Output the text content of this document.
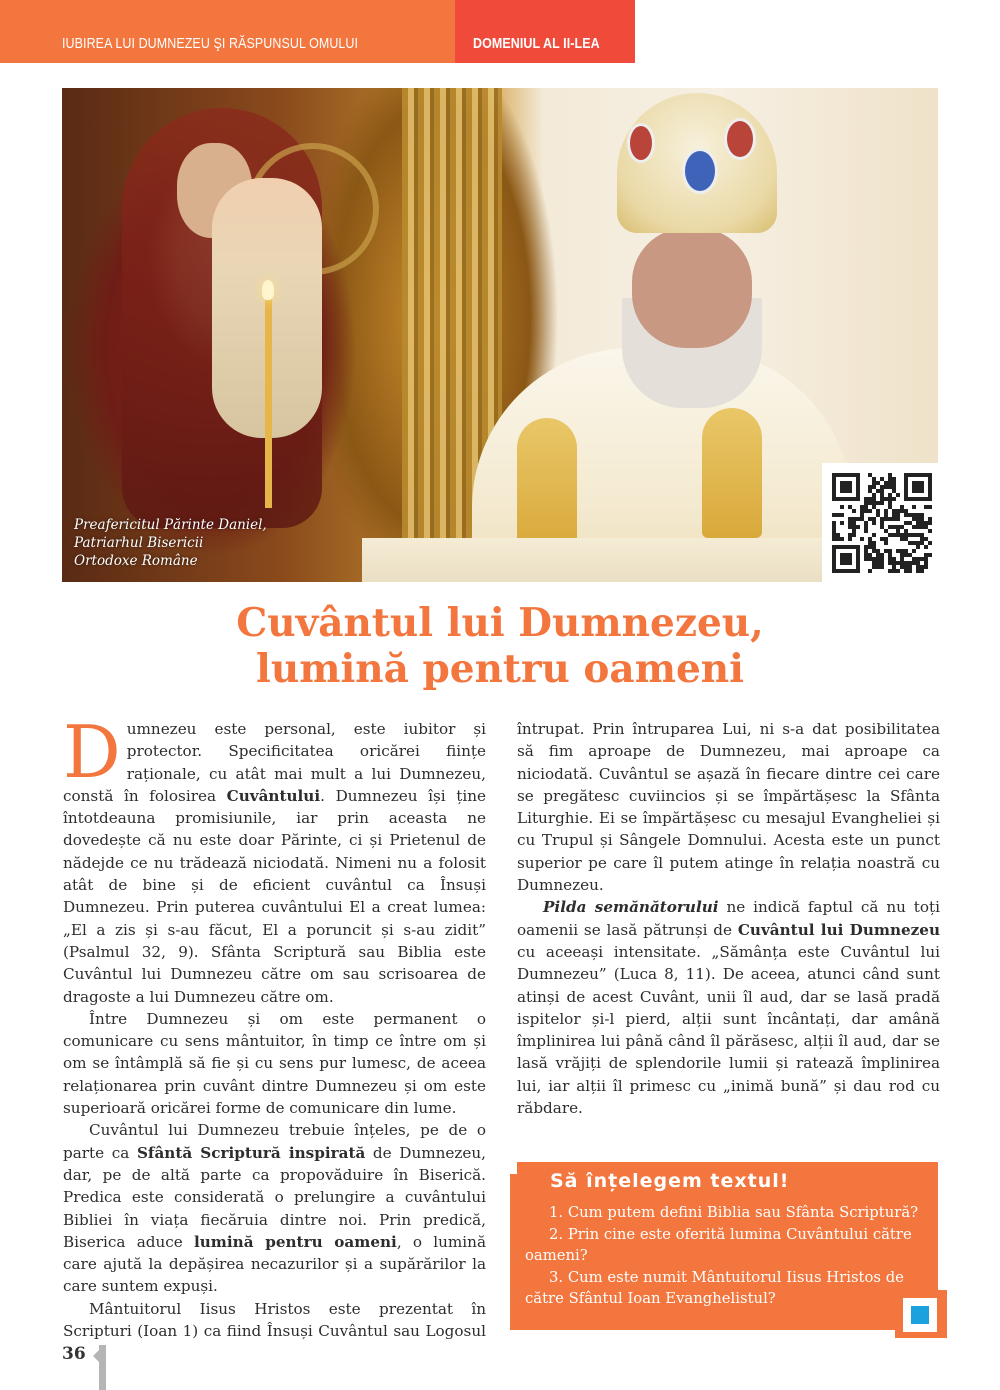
IUBIREA LUI DUMNEZEU ŞI RĂSPUNSUL OMULUI	DOMENIUL AL II-LEA
Preafericitul Părinte Daniel,
Patriarhul Bisericii
Ortodoxe Române
Cuvântul lui Dumnezeu,
lumină pentru oameni

Dumnezeu este personal, este iubitor și protector. Specificitatea oricărei ființe raționale, cu atât mai mult a lui Dumnezeu, constă în folosirea Cuvântului. Dumnezeu își ține întotdeauna promisiunile, iar prin aceasta ne dovedește că nu este doar Părinte, ci și Prietenul de nădejde ce nu trădează niciodată. Nimeni nu a folosit atât de bine și de eficient cuvântul ca Însuși Dumnezeu. Prin puterea cuvântului El a creat lumea: „El a zis și s-au făcut, El a poruncit și s-au zidit” (Psalmul 32, 9). Sfânta Scriptură sau Biblia este Cuvântul lui Dumnezeu către om sau scrisoarea de dragoste a lui Dumnezeu către om.

Între Dumnezeu și om este permanent o comunicare cu sens mântuitor, în timp ce între om și om se întâmplă să fie și cu sens pur lumesc, de aceea relaționarea prin cuvânt dintre Dumnezeu și om este superioară oricărei forme de comunicare din lume.

Cuvântul lui Dumnezeu trebuie înțeles, pe de o parte ca Sfântă Scriptură inspirată de Dumnezeu, dar, pe de altă parte ca propovăduire în Biserică. Predica este considerată o prelungire a cuvântului Bibliei în viața fiecăruia dintre noi. Prin predică, Biserica aduce lumină pentru oameni, o lumină care ajută la depășirea necazurilor și a supărărilor la care suntem expuși.

Mântuitorul Iisus Hristos este prezentat în Scripturi (Ioan 1) ca fiind Însuși Cuvântul sau Logosul

întrupat. Prin întruparea Lui, ni s-a dat posibilitatea să fim aproape de Dumnezeu, mai aproape ca niciodată. Cuvântul se așază în fiecare dintre cei care se pregătesc cuviincios și se împărtășesc la Sfânta Liturghie. Ei se împărtășesc cu mesajul Evangheliei și cu Trupul și Sângele Domnului. Acesta este un punct superior pe care îl putem atinge în relația noastră cu Dumnezeu.

Pilda semănătorului ne indică faptul că nu toți oamenii se lasă pătrunși de Cuvântul lui Dumnezeu cu aceeași intensitate. „Sămânța este Cuvântul lui Dumnezeu” (Luca 8, 11). De aceea, atunci când sunt atinși de acest Cuvânt, unii îl aud, dar se lasă pradă ispitelor și-l pierd, alții sunt încântați, dar amână împlinirea lui până când îl părăsesc, alții îl aud, dar se lasă vrăjiți de splendorile lumii și ratează împlinirea lui, iar alții îl primesc cu „inimă bună” și dau rod cu răbdare.

Să înțelegem textul!
1. Cum putem defini Biblia sau Sfânta Scriptură?
2. Prin cine este oferită lumina Cuvântului către oameni?
3. Cum este numit Mântuitorul Iisus Hristos de către Sfântul Ioan Evanghelistul?
36
